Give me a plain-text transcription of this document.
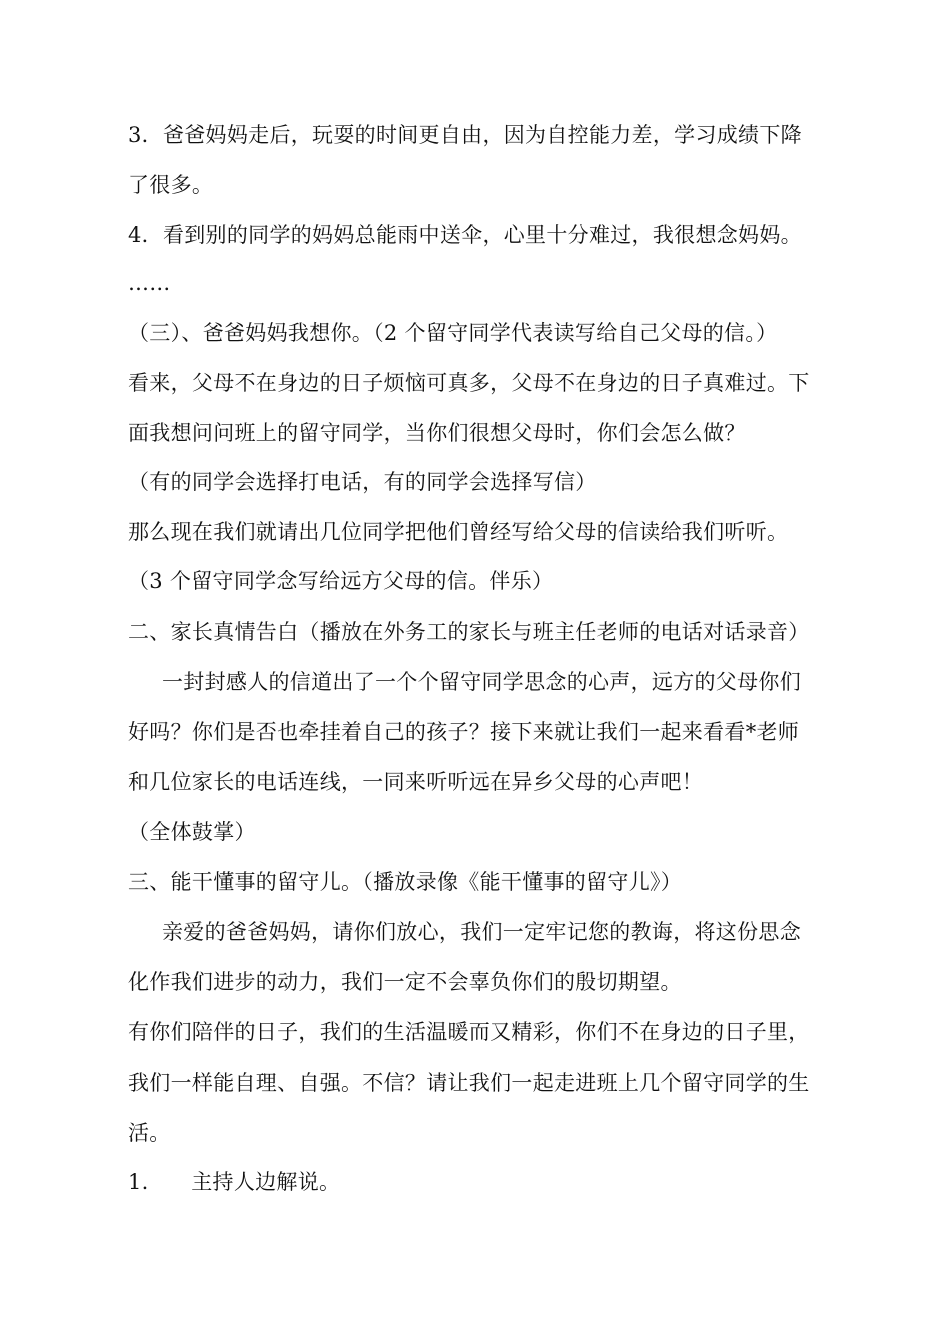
3．爸爸妈妈走后，玩耍的时间更自由，因为自控能力差，学习成绩下降
了很多。
4．看到别的同学的妈妈总能雨中送伞，心里十分难过，我很想念妈妈。
……
（三）、爸爸妈妈我想你。（2 个留守同学代表读写给自己父母的信。）
看来，父母不在身边的日子烦恼可真多，父母不在身边的日子真难过。下
面我想问问班上的留守同学，当你们很想父母时，你们会怎么做？
（有的同学会选择打电话，有的同学会选择写信）
那么现在我们就请出几位同学把他们曾经写给父母的信读给我们听听。
（3 个留守同学念写给远方父母的信。伴乐）
二、家长真情告白（播放在外务工的家长与班主任老师的电话对话录音）
一封封感人的信道出了一个个留守同学思念的心声，远方的父母你们
好吗？你们是否也牵挂着自己的孩子？接下来就让我们一起来看看*老师
和几位家长的电话连线，一同来听听远在异乡父母的心声吧！
（全体鼓掌）
三、能干懂事的留守儿。（播放录像《能干懂事的留守儿》）
亲爱的爸爸妈妈，请你们放心，我们一定牢记您的教诲，将这份思念
化作我们进步的动力，我们一定不会辜负你们的殷切期望。
有你们陪伴的日子，我们的生活温暖而又精彩，你们不在身边的日子里，
我们一样能自理、自强。不信？请让我们一起走进班上几个留守同学的生
活。
1.　　主持人边解说。
